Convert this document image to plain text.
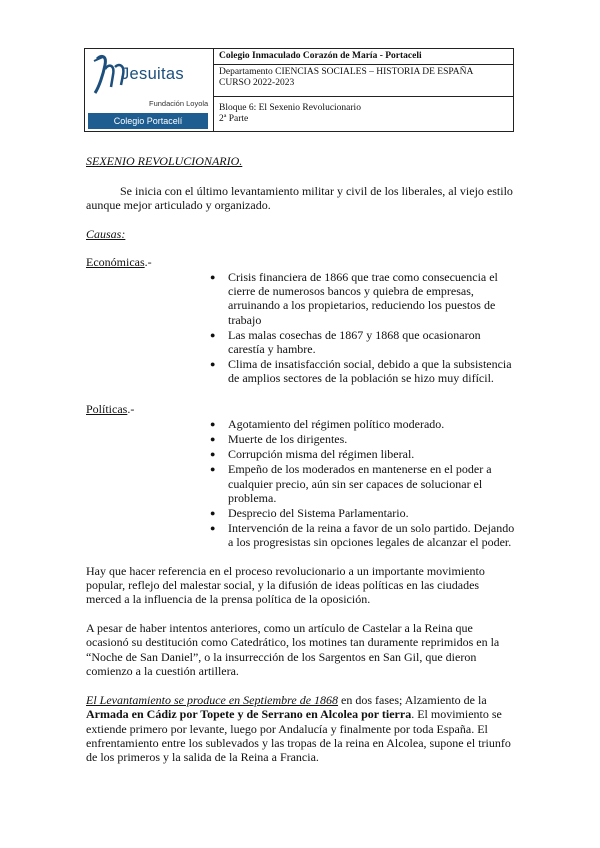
Jesuitas
Fundación Loyola
Colegio Portacelí
	Colegio Inmaculado Corazón de María - Portaceli

Departamento CIENCIAS SOCIALES – HISTORIA DE ESPAÑA
CURSO 2022-2023

Bloque 6: El Sexenio Revolucionario
2ª Parte

SEXENIO REVOLUCIONARIO.

Se inicia con el último levantamiento militar y civil de los liberales, al viejo estilo aunque mejor articulado y organizado.

Causas:

Económicas.-

● Crisis financiera de 1866 que trae como consecuencia el cierre de numerosos bancos y quiebra de empresas, arruinando a los propietarios, reduciendo los puestos de trabajo
● Las malas cosechas de 1867 y 1868 que ocasionaron carestía y hambre.
● Clima de insatisfacción social, debido a que la subsistencia de amplios sectores de la población se hizo muy difícil.

Políticas.-

● Agotamiento del régimen político moderado.
● Muerte de los dirigentes.
● Corrupción misma del régimen liberal.
● Empeño de los moderados en mantenerse en el poder a cualquier precio, aún sin ser capaces de solucionar el problema.
● Desprecio del Sistema Parlamentario.
● Intervención de la reina a favor de un solo partido. Dejando a los progresistas sin opciones legales de alcanzar el poder.

Hay que hacer referencia en el proceso revolucionario a un importante movimiento popular, reflejo del malestar social, y la difusión de ideas políticas en las ciudades merced a la influencia de la prensa política de la oposición.

A pesar de haber intentos anteriores, como un artículo de Castelar a la Reina que ocasionó su destitución como Catedrático, los motines tan duramente reprimidos en la “Noche de San Daniel”, o la insurrección de los Sargentos en San Gil, que dieron comienzo a la cuestión artillera.

El Levantamiento se produce en Septiembre de 1868 en dos fases; Alzamiento de la Armada en Cádiz por Topete y de Serrano en Alcolea por tierra. El movimiento se extiende primero por levante, luego por Andalucía y finalmente por toda España. El enfrentamiento entre los sublevados y las tropas de la reina en Alcolea, supone el triunfo de los primeros y la salida de la Reina a Francia.
